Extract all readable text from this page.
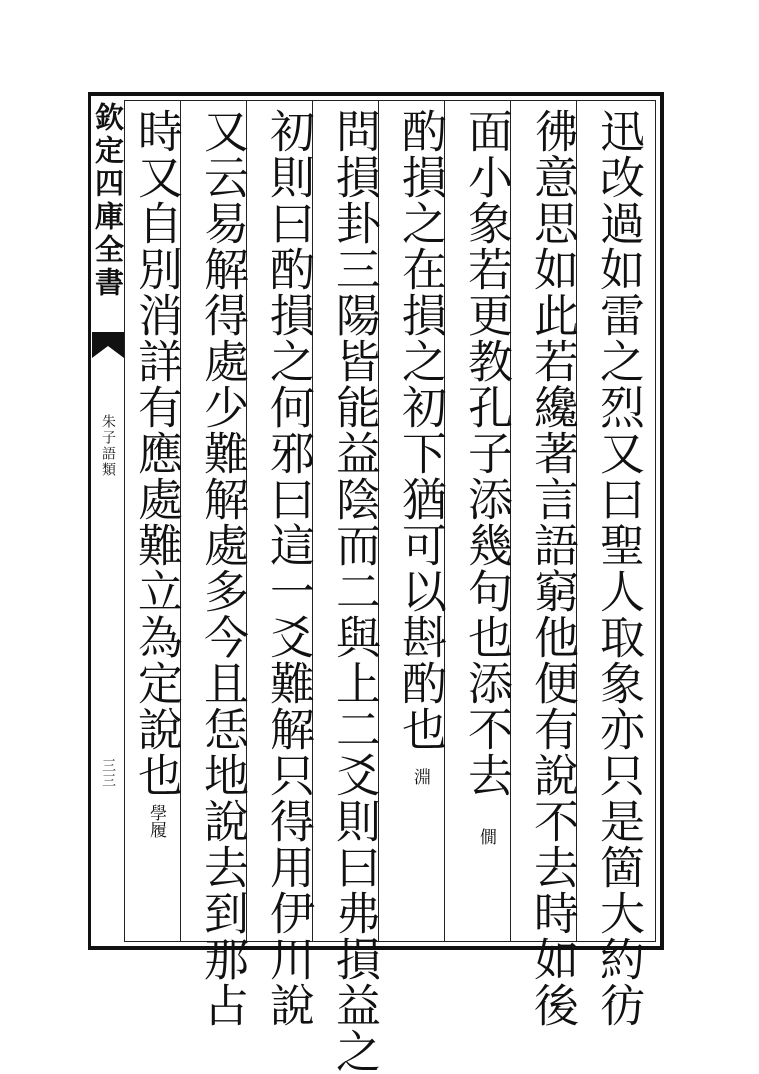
欽定四庫全書
朱子語類
三三	迅改過如雷之烈又曰聖人取象亦只是箇大約彷
彿意思如此若纔著言語窮他便有說不去時如後
面小象若更教孔子添幾句也添不去僩
酌損之在損之初下猶可以斟酌也淵
問損卦三陽皆能益陰而二與上二爻則曰弗損益之
初則曰酌損之何邪曰這一爻難解只得用伊川說
又云易解得處少難解處多今且恁地說去到那占
時又自別消詳有應處難立為定說也學履
